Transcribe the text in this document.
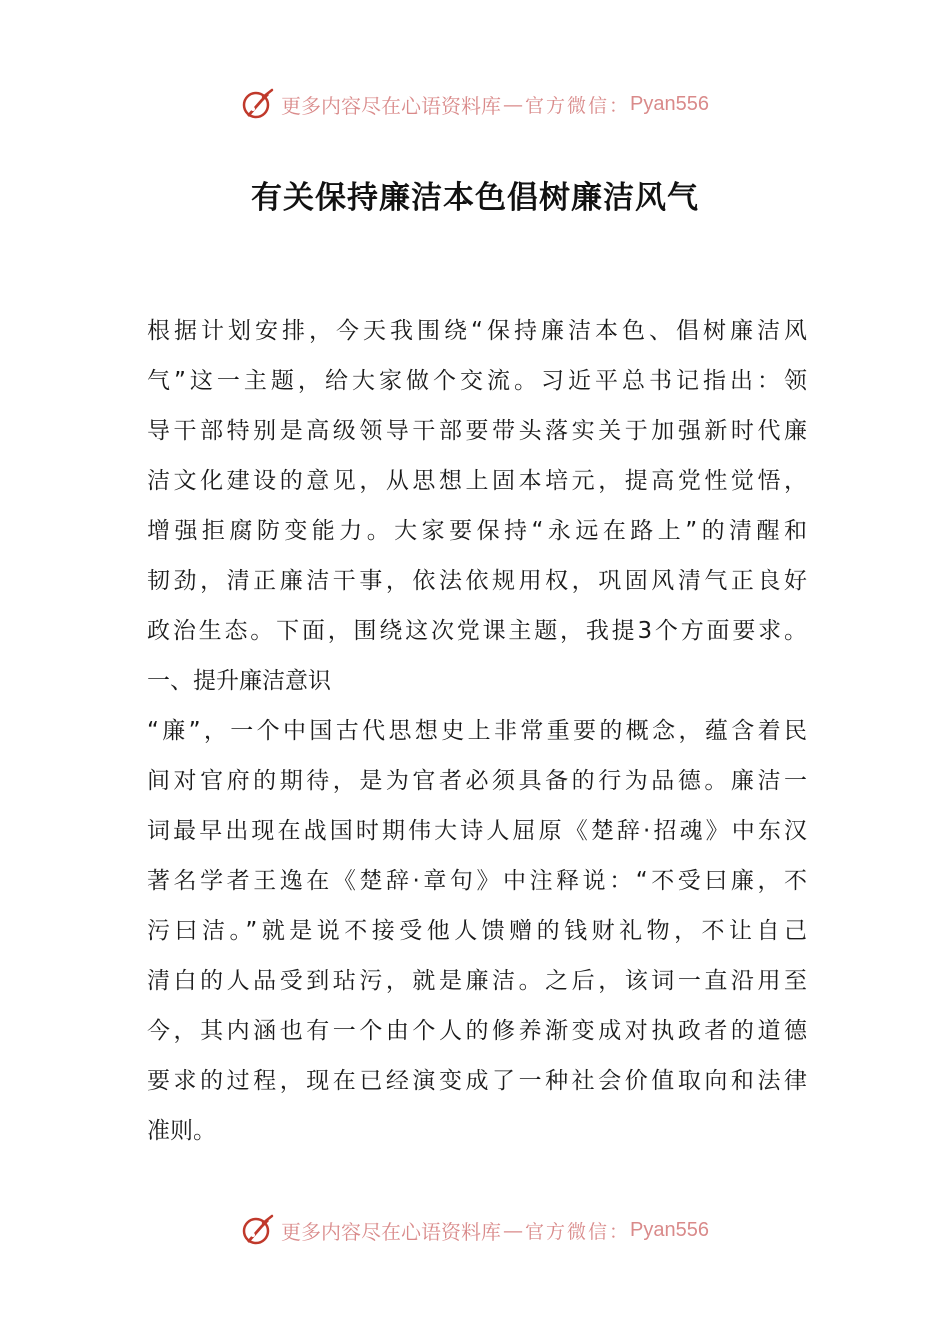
更多内容尽在心语资料库 — 官方微信： Pyan556
有关保持廉洁本色倡树廉洁风气
根据计划安排，今天我围绕“保持廉洁本色、倡树廉洁风
气”这一主题，给大家做个交流。习近平总书记指出：领
导干部特别是高级领导干部要带头落实关于加强新时代廉
洁文化建设的意见，从思想上固本培元，提高党性觉悟，
增强拒腐防变能力。大家要保持“永远在路上”的清醒和
韧劲，清正廉洁干事，依法依规用权，巩固风清气正良好
政治生态。下面，围绕这次党课主题，我提3个方面要求。
一、提升廉洁意识
“廉”，一个中国古代思想史上非常重要的概念，蕴含着民
间对官府的期待，是为官者必须具备的行为品德。廉洁一
词最早出现在战国时期伟大诗人屈原《楚辞·招魂》中东汉
著名学者王逸在《楚辞·章句》中注释说：“不受曰廉，不
污曰洁。”就是说不接受他人馈赠的钱财礼物，不让自己
清白的人品受到玷污，就是廉洁。之后，该词一直沿用至
今，其内涵也有一个由个人的修养渐变成对执政者的道德
要求的过程，现在已经演变成了一种社会价值取向和法律
准则。
更多内容尽在心语资料库 — 官方微信： Pyan556
